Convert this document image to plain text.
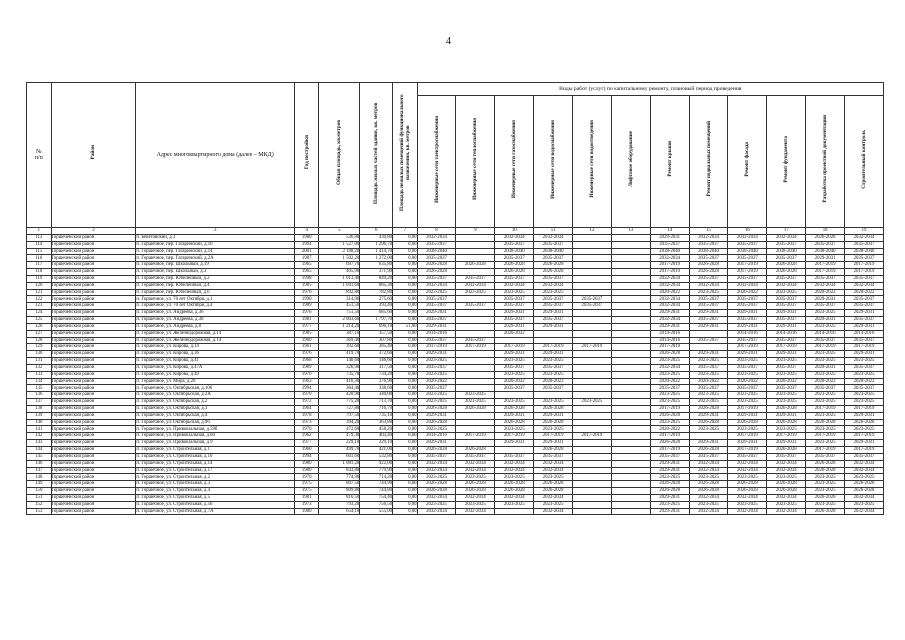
4
№
п/п	Район	Адрес многоквартирного дома (далее – МКД)	Год постройки	Общая площадь, кв.метров	Площадь жилых частей здания, кв. метров	Площадь нежилых помещений функционального назначения, кв. метров	Виды работ (услуг) по капитальному ремонту, плановый период проведения											
							Инженерные сети электроснабжения	Инженерные сети теплоснабжения	Инженерные сети газоснабжения	Инженерные сети водоснабжения	Инженерные сети водоотведения	Лифтовое оборудование	Ремонт крыши	Ремонт подвальных помещений	Ремонт фасада	Ремонт фундамента	Разработка проектной документации	Строительный контроль
1	2	3	4	5	6	7	8	9	10	11	12	13	14	15	16	17	18	19
113	Горшеченский район	п. Бекетовский, д.3	1980	536,80	430,80	0,00	2032-2034		2032-2034	2032-2034			2029-2031	2032-2034	2032-2034	2032-2034	2026-2028	2032-2034
114	Горшеченский район	п. Горшечное, пер. Гагаринский, д.10	1994	1 527,00	1 296,70	0,00	2035-2037		2035-2037	2035-2037			2035-2037	2035-2037	2035-2037	2035-2037	2035-2037	2035-2037
115	Горшеченский район	п. Горшечное, пер. Гагаринский, д.14	2001	2 188,20	1 414,70	0,00	2038-2040		2038-2040	2038-2040			2038-2040	2038-2040	2038-2040	2038-2040	2038-2040	2038-2040
116	Горшеченский район	п. Горшечное, пер. Гагаринский, д.2А	1987	1 502,20	1 272,00	0,00	2035-2037		2035-2037	2035-2037			2032-2034	2035-2037	2035-2037	2035-2037	2029-2031	2035-2037
117	Горшеченский район	п. Горшечное, пер. Школьный, д.19	1965	697,70	635,80	0,00	2026-2028	2026-2028	2026-2028	2026-2028			2017-2019	2026-2028	2017-2019	2026-2028	2017-2019	2017-2019
118	Горшеченский район	п. Горшечное, пер. Школьный, д.3	1965	405,90	371,90	0,00	2026-2028		2026-2028	2026-2028			2017-2019	2026-2028	2017-2019	2026-2028	2017-2019	2017-2019
119	Горшеченский район	п. Горшечное, пер. Юбилейный, д.2	1998	1 013,40	849,20	0,00	2035-2037	2035-2037	2035-2037	2035-2037			2032-2034	2035-2037	2035-2037	2035-2037	2035-2037	2035-2037
120	Горшеченский район	п. Горшечное, пер. Юбилейный, д.4	1985	1 041,60	885,30	0,00	2032-2034	2032-2034	2032-2034	2032-2034			2032-2034	2032-2034	2032-2034	2032-2034	2032-2034	2032-2034
121	Горшеченский район	п. Горшечное, пер. Юбилейный, д.6	1970	892,80	782,80	0,00	2023-2025	2023-2025	2023-2025	2023-2025			2020-2022	2023-2025	2020-2022	2023-2025	2020-2022	2020-2022
122	Горшеченский район	п. Горшечное, ул. 70 лет Октября, д.1	1990	314,90	275,60	0,00	2035-2037		2035-2037	2035-2037	2035-2037		2032-2034	2035-2037	2035-2037	2035-2037	2029-2031	2035-2037
123	Горшеченский район	п. Горшечное, ул. 70 лет Октября, д.4	1989	451,50	393,40	0,00	2035-2037	2035-2037	2035-2037	2035-2037	2035-2037		2032-2034	2035-2037	2035-2037	2035-2037	2035-2037	2035-2037
124	Горшеченский район	п. Горшечное, ул. Андреева, д.36	1976	751,50	685,60	0,00	2029-2031		2029-2031	2029-2031			2029-2031	2029-2031	2029-2031	2029-2031	2023-2025	2029-2031
125	Горшеченский район	п. Горшечное, ул. Андреева, д.38	1981	2 003,60	1 797,70	0,00	2035-2037		2035-2037	2035-2037			2032-2034	2035-2037	2035-2037	2035-2037	2029-2031	2035-2037
126	Горшеченский район	п. Горшечное, ул. Андреева, д.8	1977	1 214,20	696,10	51,80	2029-2031		2029-2031	2029-2031			2029-2031	2029-2031	2029-2031	2029-2031	2023-2025	2029-2031
127	Горшеченский район	п. Горшечное, ул. Железнодорожная, д.14	1985	387,10	357,50	0,00	2014-2016		2020-2022				2014-2016		2014-2016	2014-2016	2014-2016	2014-2016
128	Горшеченский район	п. Горшечное, ул. Железнодорожная, д.14	1960	369,40	307,80	0,00	2035-2037	2035-2037					2014-2016	2035-2037	2035-2037	2035-2037	2035-2037	2035-2037
129	Горшеченский район	п. Горшечное, ул. Кирова, д.14	1961	392,60	385,40	0,00	2017-2019	2017-2019	2017-2019	2017-2019	2017-2019		2017-2019		2017-2019	2017-2019	2017-2019	2017-2019
130	Горшеченский район	п. Горшечное, ул. Кирова, д.36	1976	419,70	372,60	0,00	2029-2031		2029-2031	2029-2031			2026-2028	2029-2031	2029-2031	2029-2031	2023-2025	2029-2031
131	Горшеченский район	п. Горшечное, ул. Кирова, д.41	1968	146,60	146,60	0,00	2023-2025		2023-2025	2023-2025			2023-2025	2023-2025	2023-2025	2023-2025	2023-2025	2023-2025
132	Горшеченский район	п. Горшечное, ул. Кирова, д.47А	1989	326,90	317,50	0,00	2035-2037		2035-2037	2035-2037			2032-2034	2035-2037	2035-2037	2035-2037	2029-2031	2035-2037
133	Горшеченский район	п. Горшечное, ул. Кирова, д.49	1970	735,70	734,20	0,00	2023-2025		2023-2025	2023-2025			2023-2025	2023-2025	2023-2025	2023-2025	2023-2025	2023-2025
134	Горшеченский район	п. Горшечное, ул. Мира, д.20	1963	416,30	376,90	0,00	2020-2022		2020-2022	2020-2022			2020-2022	2020-2022	2020-2022	2020-2022	2020-2022	2020-2022
135	Горшеченский район	п. Горшечное, ул. Октябрьская, д.106	1994	364,40	338,60	0,00	2035-2037		2035-2037	2035-2037			2035-2037	2035-2037	2035-2037	2035-2037	2035-2037	2035-2037
136	Горшеченский район	п. Горшечное, ул. Октябрьская, д.2А	1970	420,90	340,00	0,00	2023-2025	2023-2025					2023-2025	2023-2025	2023-2025	2023-2025	2023-2025	2023-2025
137	Горшеченский район	п. Горшечное, ул. Октябрьская, д.2	1972	775,20	713,70	0,00	2023-2025	2023-2025	2023-2025	2023-2025	2023-2025		2023-2025	2023-2025	2023-2025	2023-2025	2023-2025	2023-2025
138	Горшеченский район	п. Горшечное, ул. Октябрьская, д.3	1964	727,80	716,70	0,00	2026-2028	2026-2028	2026-2028	2026-2028			2017-2019	2026-2028	2017-2019	2026-2028	2017-2019	2017-2019
139	Горшеченский район	п. Горшечное, ул. Октябрьская, д.4	1978	797,50	735,10	0,00	2029-2031		2029-2031	2029-2031			2026-2028	2029-2031	2029-2031	2029-2031	2023-2025	2029-2031
140	Горшеченский район	п. Горшечное, ул. Октябрьская, д.96	1973	394,20	363,80	0,00	2026-2028		2026-2028	2026-2028			2023-2025	2026-2028	2026-2028	2026-2028	2026-2028	2026-2028
141	Горшеченский район	п. Горшечное, ул. Привокзальная, д.59б	1970	472,60	458,20	0,00	2023-2025		2023-2025	2023-2025			2020-2022	2023-2025	2023-2025	2023-2025	2023-2025	2023-2025
142	Горшеченский район	п. Горшечное, ул. Привокзальная, д.60	1962	479,30	403,40	0,00	2014-2016	2017-2019	2017-2019	2017-2019	2017-2019		2017-2019		2017-2019	2017-2019	2017-2019	2017-2019
143	Горшеченский район	п. Горшечное, ул. Привокзальная, д.9	1977	229,10	229,10	0,00	2029-2031		2029-2031	2029-2031			2026-2028	2029-2031	2029-2031	2029-2031	2023-2025	2029-2031
144	Горшеченский район	п. Горшечное, ул. Строительная, д.1	1960	499,70	421,00	0,00	2026-2028	2026-2028		2026-2028			2017-2019	2026-2028	2017-2019	2026-2028	2017-2019	2017-2019
145	Горшеченский район	п. Горшечное, ул. Строительная, д.10	1994	601,60	532,80	0,00	2035-2037	2035-2037	2035-2037	2035-2037			2035-2037	2035-2037	2035-2037	2035-2037	2035-2037	2035-2037
146	Горшеченский район	п. Горшечное, ул. Строительная, д.14	1980	1 081,20	922,00	0,00	2032-2034	2032-2034	2032-2034	2032-2034			2029-2031	2032-2034	2032-2034	2032-2034	2026-2028	2032-2034
147	Горшеченский район	п. Горшечное, ул. Строительная, д.17	1980	843,80	779,90	0,00	2032-2034	2032-2034	2032-2034	2032-2034			2029-2031	2032-2034	2032-2034	2032-2034	2026-2028	2032-2034
148	Горшеченский район	п. Горшечное, ул. Строительная, д.2	1970	774,90	714,20	0,00	2023-2025	2023-2025	2023-2025	2023-2025			2023-2025	2023-2025	2023-2025	2023-2025	2023-2025	2023-2025
149	Горшеченский район	п. Горшечное, ул. Строительная, д.3	1975	807,50	744,90	0,00	2026-2028	2026-2028	2026-2028	2026-2028			2026-2028	2026-2028	2026-2028	2026-2028	2023-2025	2026-2028
150	Горшеченский район	п. Горшечное, ул. Строительная, д.4	1975	809,80	744,80	0,00	2026-2028	2026-2028	2026-2028	2026-2028			2026-2028	2026-2028	2026-2028	2026-2028	2023-2025	2026-2028
151	Горшеченский район	п. Горшечное, ул. Строительная, д.5	1981	816,50	754,40	0,00	2032-2034	2032-2034	2032-2034	2032-2034			2029-2031	2032-2034	2032-2034	2032-2034	2026-2028	2032-2034
152	Горшеченский район	п. Горшечное, ул. Строительная, д.56	1973	793,20	756,50	0,00	2023-2025	2023-2025	2023-2025	2023-2025			2023-2025	2023-2025	2023-2025	2023-2025	2023-2025	2023-2025
153	Горшеченский район	п. Горшечное, ул. Строительная, д.7А	1980	654,10	555,00	0,00	2032-2034	2032-2034		2032-2034			2029-2031	2032-2034	2032-2034	2032-2034	2026-2028	2032-2034
